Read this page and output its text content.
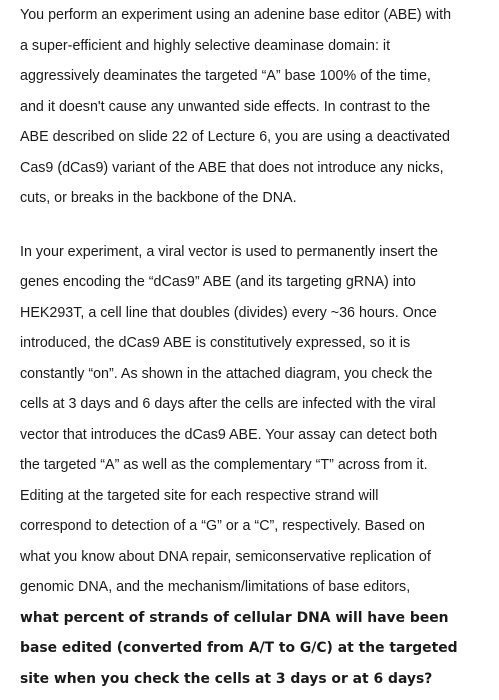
You perform an experiment using an adenine base editor (ABE) with
a super-efficient and highly selective deaminase domain: it
aggressively deaminates the targeted “A” base 100% of the time,
and it doesn't cause any unwanted side effects. In contrast to the
ABE described on slide 22 of Lecture 6, you are using a deactivated
Cas9 (dCas9) variant of the ABE that does not introduce any nicks,
cuts, or breaks in the backbone of the DNA.
In your experiment, a viral vector is used to permanently insert the
genes encoding the “dCas9” ABE (and its targeting gRNA) into
HEK293T, a cell line that doubles (divides) every ~36 hours. Once
introduced, the dCas9 ABE is constitutively expressed, so it is
constantly “on”. As shown in the attached diagram, you check the
cells at 3 days and 6 days after the cells are infected with the viral
vector that introduces the dCas9 ABE. Your assay can detect both
the targeted “A” as well as the complementary “T” across from it.
Editing at the targeted site for each respective strand will
correspond to detection of a “G” or a “C”, respectively. Based on
what you know about DNA repair, semiconservative replication of
genomic DNA, and the mechanism/limitations of base editors,
what percent of strands of cellular DNA will have been
base edited (converted from A/T to G/C) at the targeted
site when you check the cells at 3 days or at 6 days?
